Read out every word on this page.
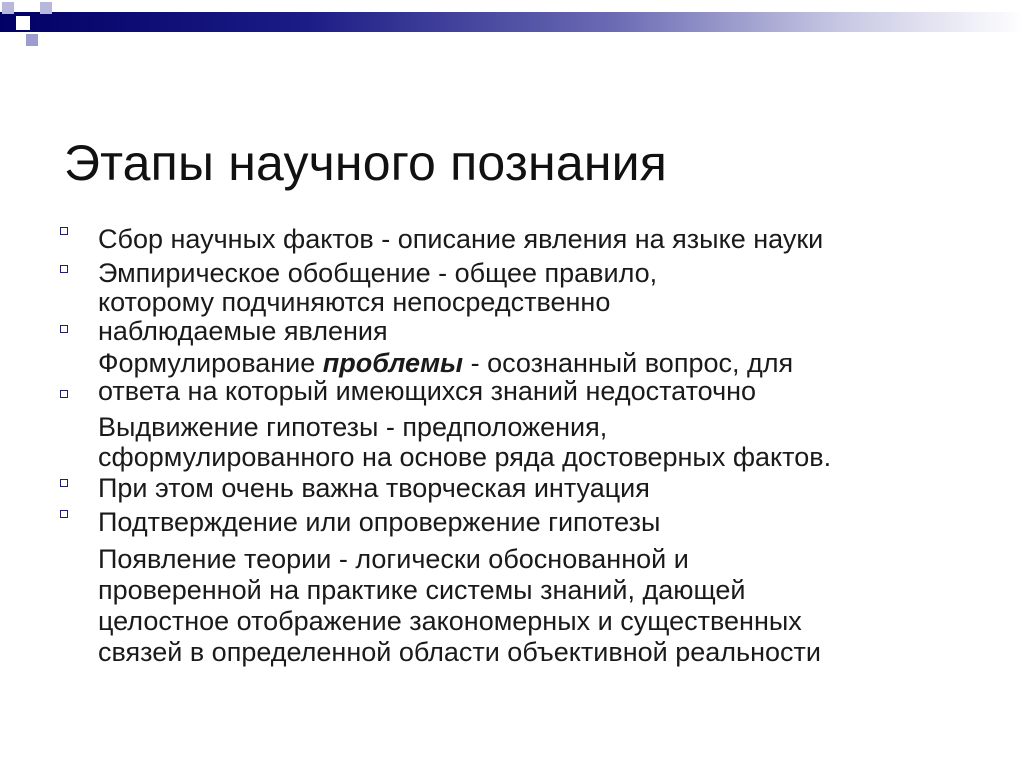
Этапы научного познания
Сбор научных фактов - описание явления на языке науки
Эмпирическое обобщение - общее правило,
которому подчиняются непосредственно
наблюдаемые явления
Формулирование проблемы - осознанный вопрос, для
ответа на который имеющихся знаний недостаточно
Выдвижение гипотезы - предположения,
сформулированного на основе ряда достоверных фактов.
При этом очень важна творческая интуация
Подтверждение или опровержение гипотезы
Появление теории - логически обоснованной и
проверенной на практике системы знаний, дающей
целостное отображение закономерных и существенных
связей в определенной области объективной реальности
